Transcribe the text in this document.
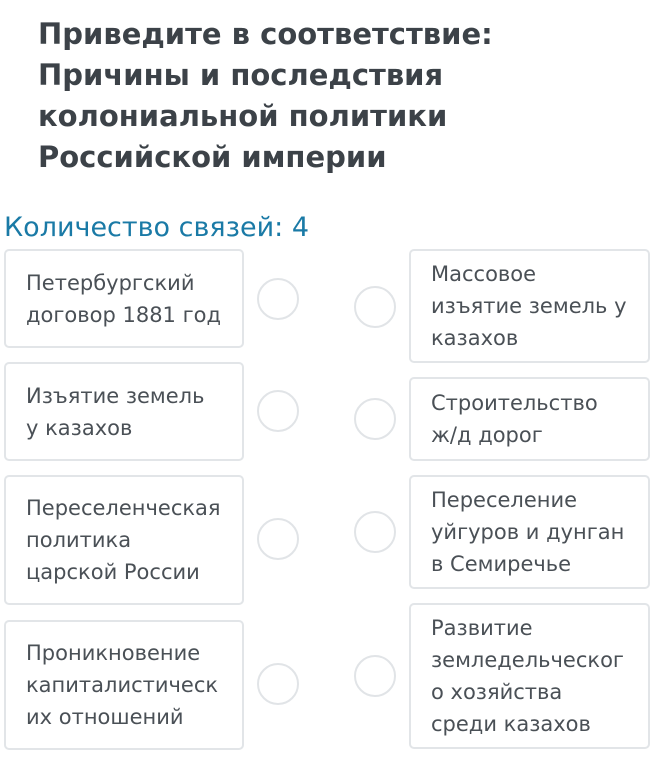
Приведите в соответствие:
Причины и последствия
колониальной политики
Российской империи
Количество связей: 4
Петербургский
договор 1881 год
Изъятие земель
у казахов
Переселенческая
политика
царской России
Проникновение
капиталистическ
их отношений
Массовое
изъятие земель у
казахов
Строительство
ж/д дорог
Переселение
уйгуров и дунган
в Семиречье
Развитие
земледельческог
о хозяйства
среди казахов
